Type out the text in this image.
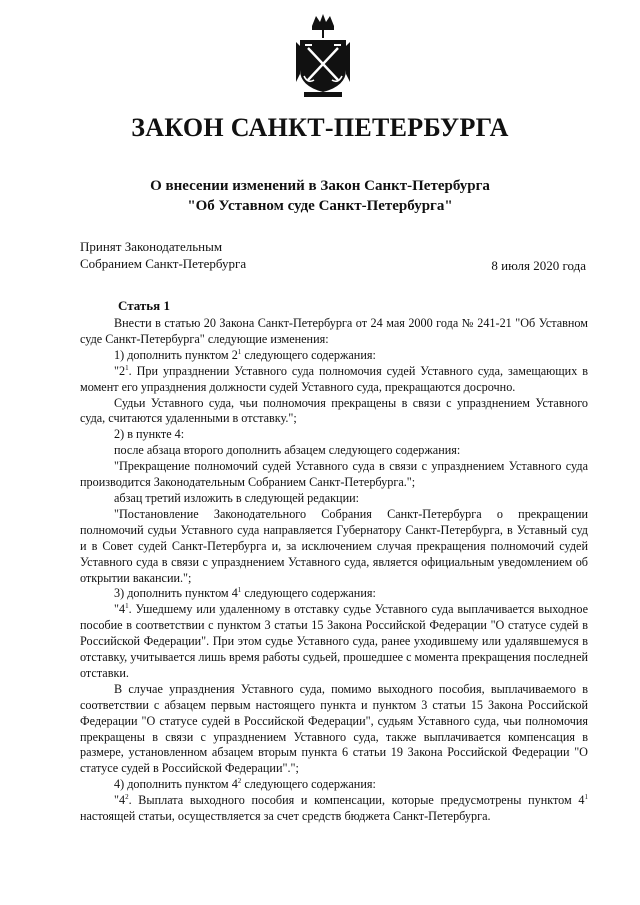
ЗАКОН САНКТ-ПЕТЕРБУРГА
О внесении изменений в Закон Санкт-Петербурга
"Об Уставном суде Санкт-Петербурга"
Принят Законодательным
Собранием Санкт-Петербурга	8 июля 2020 года
Статья 1

Внести в статью 20 Закона Санкт-Петербурга от 24 мая 2000 года № 241-21 "Об Уставном суде Санкт-Петербурга" следующие изменения:

1) дополнить пунктом $2^1$ следующего содержания:

"$2^1$. При упразднении Уставного суда полномочия судей Уставного суда, замещающих в момент его упразднения должности судей Уставного суда, прекращаются досрочно.

Судьи Уставного суда, чьи полномочия прекращены в связи с упразднением Уставного суда, считаются удаленными в отставку.";

2) в пункте 4:

после абзаца второго дополнить абзацем следующего содержания:

"Прекращение полномочий судей Уставного суда в связи с упразднением Уставного суда производится Законодательным Собранием Санкт-Петербурга.";

абзац третий изложить в следующей редакции:

"Постановление Законодательного Собрания Санкт-Петербурга о прекращении полномочий судьи Уставного суда направляется Губернатору Санкт-Петербурга, в Уставный суд и в Совет судей Санкт-Петербурга и, за исключением случая прекращения полномочий судей Уставного суда в связи с упразднением Уставного суда, является официальным уведомлением об открытии вакансии.";

3) дополнить пунктом $4^1$ следующего содержания:

"$4^1$. Ушедшему или удаленному в отставку судье Уставного суда выплачивается выходное пособие в соответствии с пунктом 3 статьи 15 Закона Российской Федерации "О статусе судей в Российской Федерации". При этом судье Уставного суда, ранее уходившему или удалявшемуся в отставку, учитывается лишь время работы судьей, прошедшее с момента прекращения последней отставки.

В случае упразднения Уставного суда, помимо выходного пособия, выплачиваемого в соответствии с абзацем первым настоящего пункта и пунктом 3 статьи 15 Закона Российской Федерации "О статусе судей в Российской Федерации", судьям Уставного суда, чьи полномочия прекращены в связи с упразднением Уставного суда, также выплачивается компенсация в размере, установленном абзацем вторым пункта 6 статьи 19 Закона Российской Федерации "О статусе судей в Российской Федерации".";

4) дополнить пунктом $4^2$ следующего содержания:

"$4^2$. Выплата выходного пособия и компенсации, которые предусмотрены пунктом $4^1$ настоящей статьи, осуществляется за счет средств бюджета Санкт-Петербурга.
